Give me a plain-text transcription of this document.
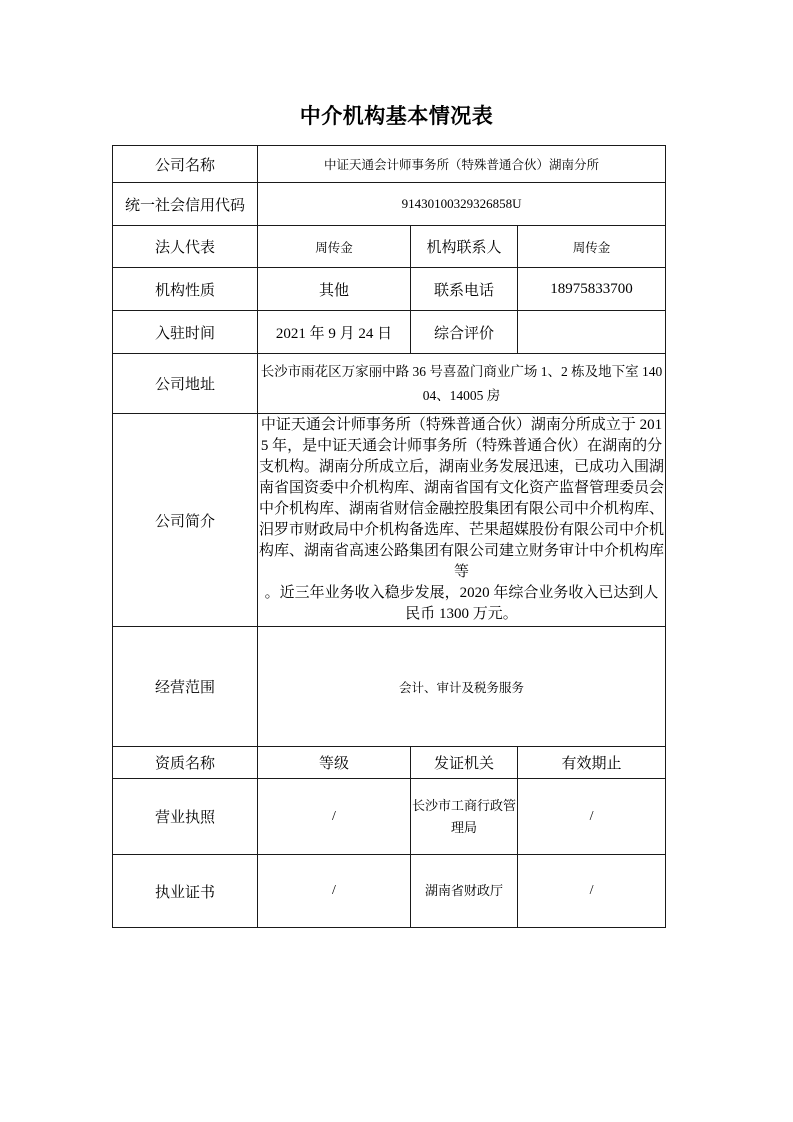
中介机构基本情况表
公司名称	中证天通会计师事务所（特殊普通合伙）湖南分所		
统一社会信用代码	91430100329326858U		
法人代表	周传金	机构联系人	周传金
机构性质	其他	联系电话	18975833700
入驻时间	2021 年 9 月 24 日	综合评价	
公司地址	长沙市雨花区万家丽中路 36 号喜盈门商业广场 1、2 栋及地下室 14004、14005 房		
公司简介	中证天通会计师事务所（特殊普通合伙）湖南分所成立于 2015 年，是中证天通会计师事务所（特殊普通合伙）在湖南的分支机构。湖南分所成立后，湖南业务发展迅速，已成功入围湖南省国资委中介机构库、湖南省国有文化资产监督管理委员会中介机构库、湖南省财信金融控股集团有限公司中介机构库、汨罗市财政局中介机构备选库、芒果超媒股份有限公司中介机构库、湖南省高速公路集团有限公司建立财务审计中介机构库等

。近三年业务收入稳步发展，2020 年综合业务收入已达到人民币 1300 万元。		

经营范围	会计、审计及税务服务		
资质名称	等级	发证机关	有效期止
营业执照	/	长沙市工商行政管理局	/
执业证书	/	湖南省财政厅	/
